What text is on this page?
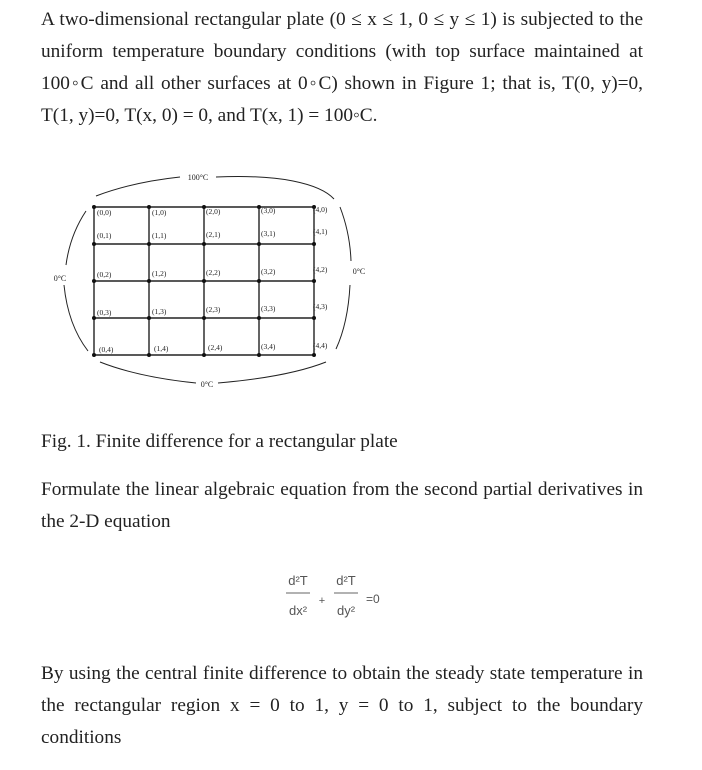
A two-dimensional rectangular plate (0 ≤ x ≤ 1, 0 ≤ y ≤ 1) is subjected to the uniform temperature boundary conditions (with top surface maintained at 100◦C and all other surfaces at 0◦C) shown in Figure 1; that is, T(0, y)=0, T(1, y)=0, T(x, 0) = 0, and T(x, 1) = 100◦C.
100°C
0°C
0°C
0°C
(0,0)	(1,0)	(2,0)	(3,0)	(4,0)
(0,1)	(1,1)	(2,1)	(3,1)	(4,1)
(0,2)	(1,2)	(2,2)	(3,2)	(4,2)
(0,3)	(1,3)	(2,3)	(3,3)	(4,3)
(0,4)	(1,4)	(2,4)	(3,4)	(4,4)
Fig. 1. Finite difference for a rectangular plate
Formulate the linear algebraic equation from the second partial derivatives in the 2-D equation
d²T
dx²
+
d²T
dy²
=0
By using the central finite difference to obtain the steady state temperature in the rectangular region x = 0 to 1, y = 0 to 1, subject to the boundary conditions
